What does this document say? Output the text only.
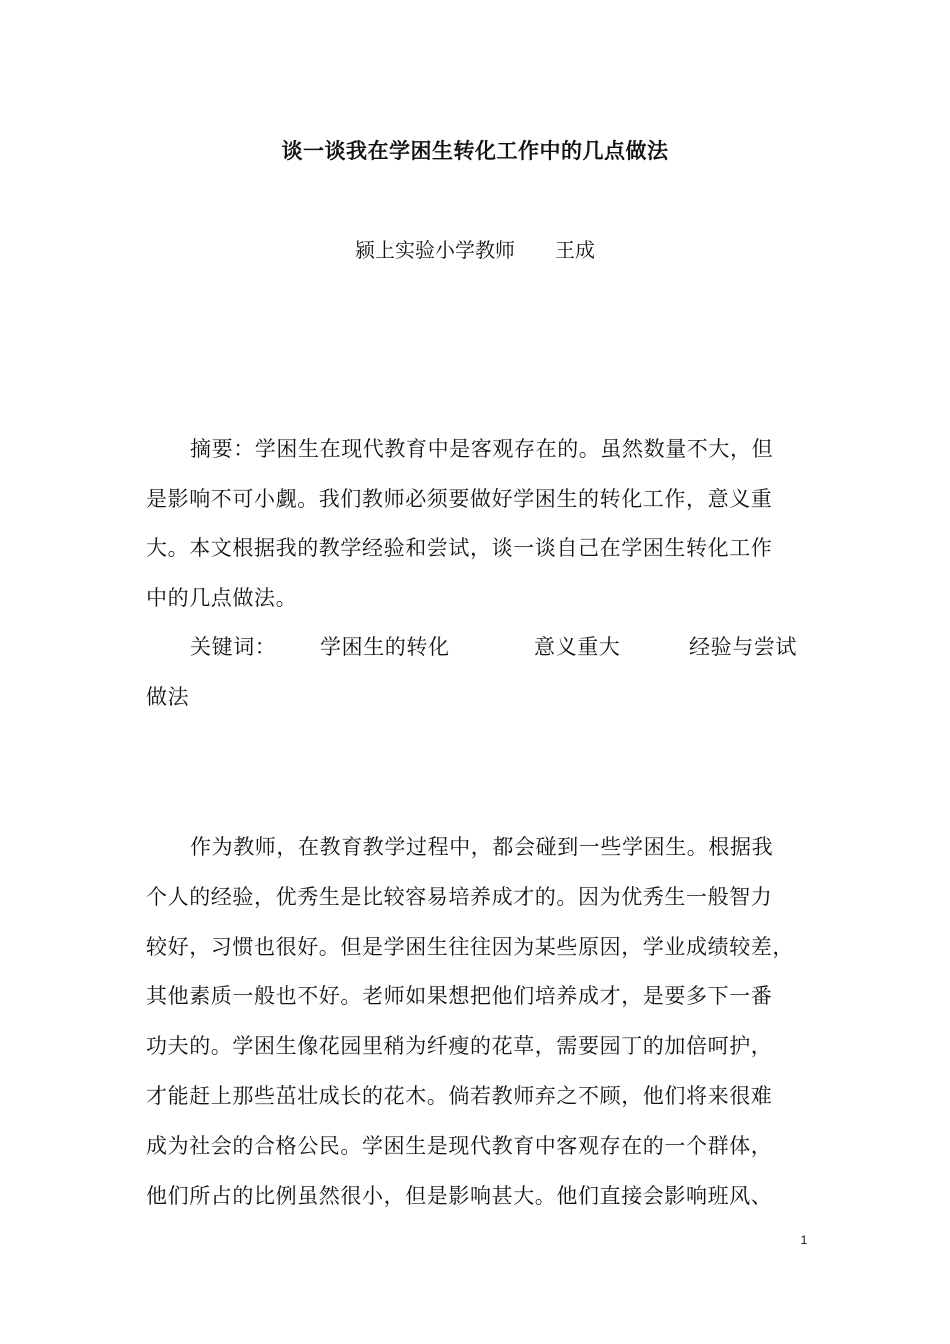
谈一谈我在学困生转化工作中的几点做法
颍上实验小学教师 王成
摘要：学困生在现代教育中是客观存在的。虽然数量不大，但
是影响不可小觑。我们教师必须要做好学困生的转化工作，意义重
大。本文根据我的教学经验和尝试，谈一谈自己在学困生转化工作
中的几点做法。
关键词： 学困生的转化	意义重大	经验与尝试
做法
作为教师，在教育教学过程中，都会碰到一些学困生。根据我
个人的经验，优秀生是比较容易培养成才的。因为优秀生一般智力
较好，习惯也很好。但是学困生往往因为某些原因，学业成绩较差，
其他素质一般也不好。老师如果想把他们培养成才，是要多下一番
功夫的。学困生像花园里稍为纤瘦的花草，需要园丁的加倍呵护，
才能赶上那些茁壮成长的花木。倘若教师弃之不顾，他们将来很难
成为社会的合格公民。学困生是现代教育中客观存在的一个群体，
他们所占的比例虽然很小，但是影响甚大。他们直接会影响班风、
1
